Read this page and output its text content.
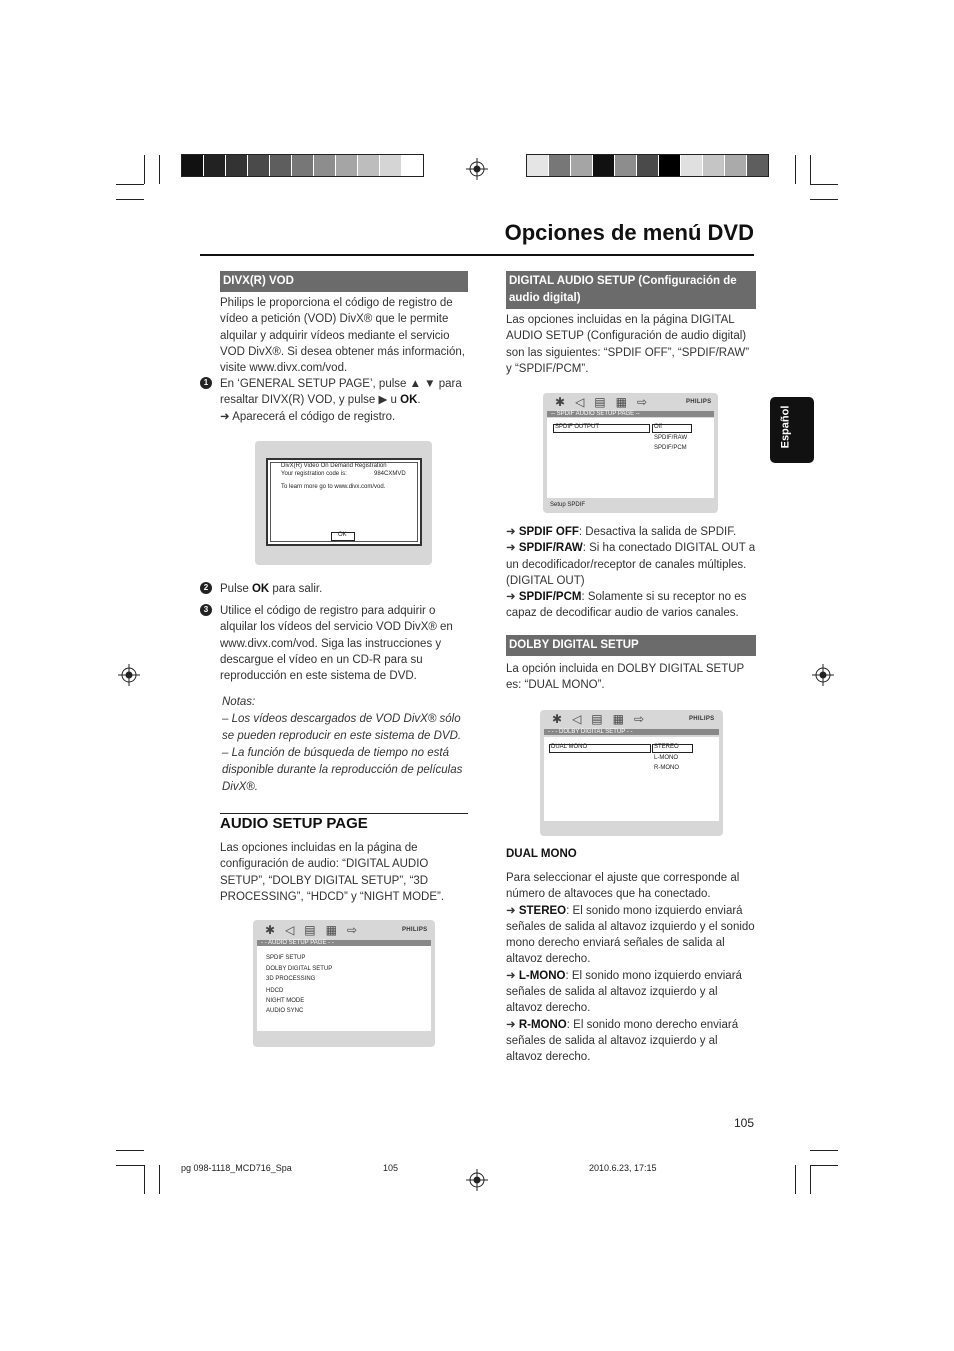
Opciones de menú DVD
Español
DIVX(R) VOD
Philips le proporciona el código de registro de vídeo a petición (VOD) DivX® que le permite alquilar y adquirir vídeos mediante el servicio VOD DivX®. Si desea obtener más información, visite www.divx.com/vod.
1	En ‘GENERAL SETUP PAGE’, pulse ▲ ▼ para resaltar DIVX(R) VOD, y pulse ▶ u OK.
➜ Aparecerá el código de registro.
DivX(R) Video On Demand Registration
Your registration code is:	984CXMVD
To learn more go to www.divx.com/vod.
OK
2	Pulse OK para salir.
3	Utilice el código de registro para adquirir o alquilar los vídeos del servicio VOD DivX® en www.divx.com/vod. Siga las instrucciones y descargue el vídeo en un CD-R para su reproducción en este sistema de DVD.
Notas:
– Los vídeos descargados de VOD DivX® sólo se pueden reproducir en este sistema de DVD.
– La función de búsqueda de tiempo no está disponible durante la reproducción de películas DivX®.
AUDIO SETUP PAGE
Las opciones incluidas en la página de configuración de audio: “DIGITAL AUDIO SETUP”, “DOLBY DIGITAL SETUP”, “3D PROCESSING”, “HDCD” y “NIGHT MODE”.
✱ ◁ ▤ ▦ ⇨	PHILIPS
- - AUDIO SETUP PAGE - -
SPDIF SETUP
DOLBY DIGITAL SETUP
3D PROCESSING
HDCD
NIGHT MODE
AUDIO SYNC
DIGITAL AUDIO SETUP (Configuración de audio digital)
Las opciones incluidas en la página DIGITAL AUDIO SETUP (Configuración de audio digital) son las siguientes: “SPDIF OFF”, “SPDIF/RAW” y “SPDIF/PCM”.
✱ ◁ ▤ ▦ ⇨	PHILIPS
-- SPDIF AUDIO SETUP PAGE --
SPDIF OUTPUT	Off
SPDIF/RAW
SPDIF/PCM
Setup SPDIF
➜ SPDIF OFF: Desactiva la salida de SPDIF.
➜ SPDIF/RAW: Si ha conectado DIGITAL OUT a un decodificador/receptor de canales múltiples. (DIGITAL OUT)
➜ SPDIF/PCM: Solamente si su receptor no es capaz de decodificar audio de varios canales.
DOLBY DIGITAL SETUP
La opción incluida en DOLBY DIGITAL SETUP es: “DUAL MONO”.
✱ ◁ ▤ ▦ ⇨	PHILIPS
- - - DOLBY DIGITAL SETUP - -
DUAL MONO	STEREO
L-MONO
R-MONO
DUAL MONO
Para seleccionar el ajuste que corresponde al número de altavoces que ha conectado.
➜ STEREO: El sonido mono izquierdo enviará señales de salida al altavoz izquierdo y el sonido mono derecho enviará señales de salida al altavoz derecho.
➜ L-MONO: El sonido mono izquierdo enviará señales de salida al altavoz izquierdo y al altavoz derecho.
➜ R-MONO: El sonido mono derecho enviará señales de salida al altavoz izquierdo y al altavoz derecho.
105
pg 098-1118_MCD716_Spa	105	2010.6.23, 17:15
